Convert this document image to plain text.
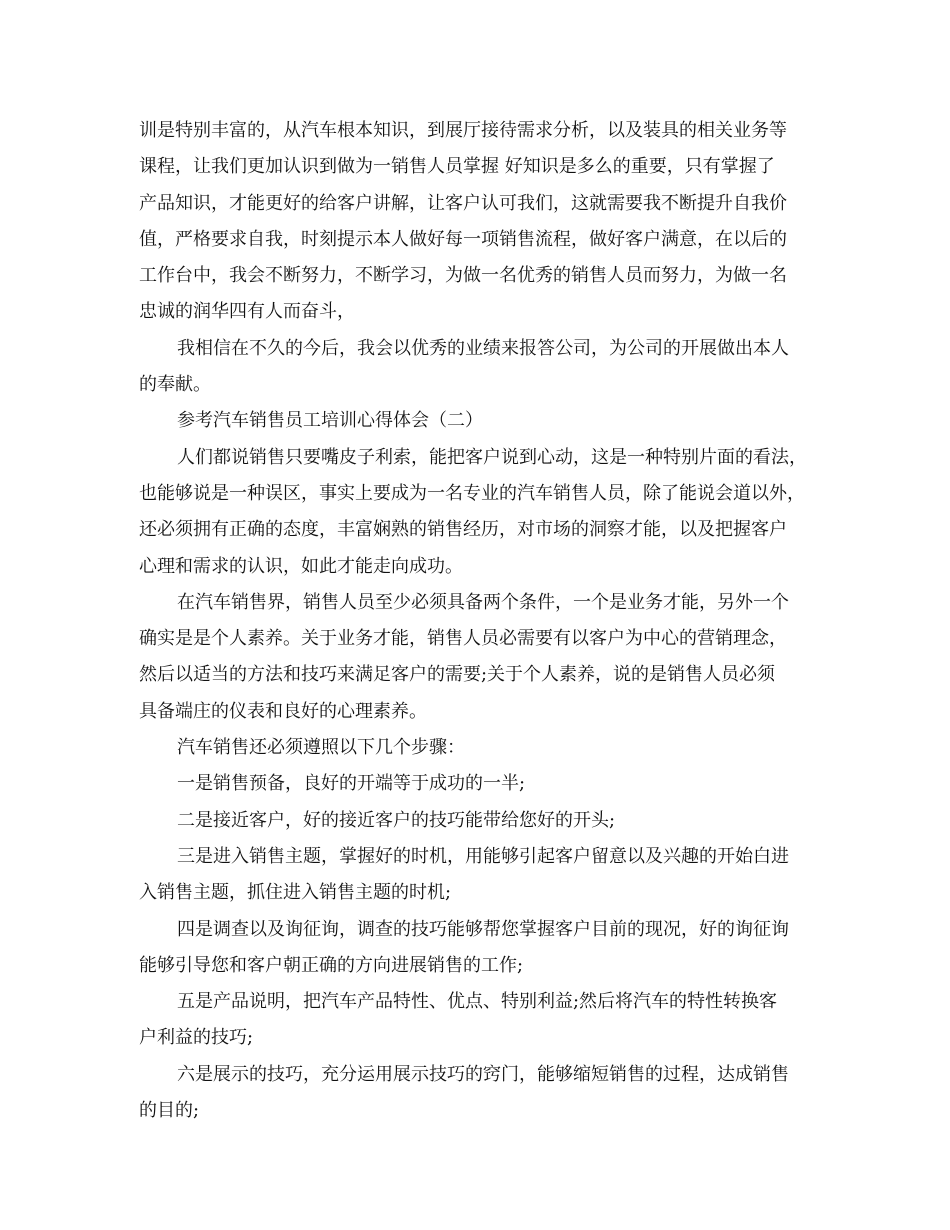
训是特别丰富的，从汽车根本知识，到展厅接待需求分析，以及装具的相关业务等
课程，让我们更加认识到做为一销售人员掌握 好知识是多么的重要，只有掌握了
产品知识，才能更好的给客户讲解，让客户认可我们，这就需要我不断提升自我价
值，严格要求自我，时刻提示本人做好每一项销售流程，做好客户满意，在以后的
工作台中，我会不断努力，不断学习，为做一名优秀的销售人员而努力，为做一名
忠诚的润华四有人而奋斗，
我相信在不久的今后，我会以优秀的业绩来报答公司，为公司的开展做出本人
的奉献。
参考汽车销售员工培训心得体会（二）
人们都说销售只要嘴皮子利索，能把客户说到心动，这是一种特别片面的看法，
也能够说是一种误区，事实上要成为一名专业的汽车销售人员，除了能说会道以外，
还必须拥有正确的态度，丰富娴熟的销售经历，对市场的洞察才能，以及把握客户
心理和需求的认识，如此才能走向成功。
在汽车销售界，销售人员至少必须具备两个条件，一个是业务才能，另外一个
确实是是个人素养。关于业务才能，销售人员必需要有以客户为中心的营销理念，
然后以适当的方法和技巧来满足客户的需要;关于个人素养，说的是销售人员必须
具备端庄的仪表和良好的心理素养。
汽车销售还必须遵照以下几个步骤：
一是销售预备，良好的开端等于成功的一半;
二是接近客户，好的接近客户的技巧能带给您好的开头;
三是进入销售主题，掌握好的时机，用能够引起客户留意以及兴趣的开始白进
入销售主题，抓住进入销售主题的时机;
四是调查以及询征询，调查的技巧能够帮您掌握客户目前的现况，好的询征询
能够引导您和客户朝正确的方向进展销售的工作;
五是产品说明，把汽车产品特性、优点、特别利益;然后将汽车的特性转换客
户利益的技巧;
六是展示的技巧，充分运用展示技巧的窍门，能够缩短销售的过程，达成销售
的目的;
